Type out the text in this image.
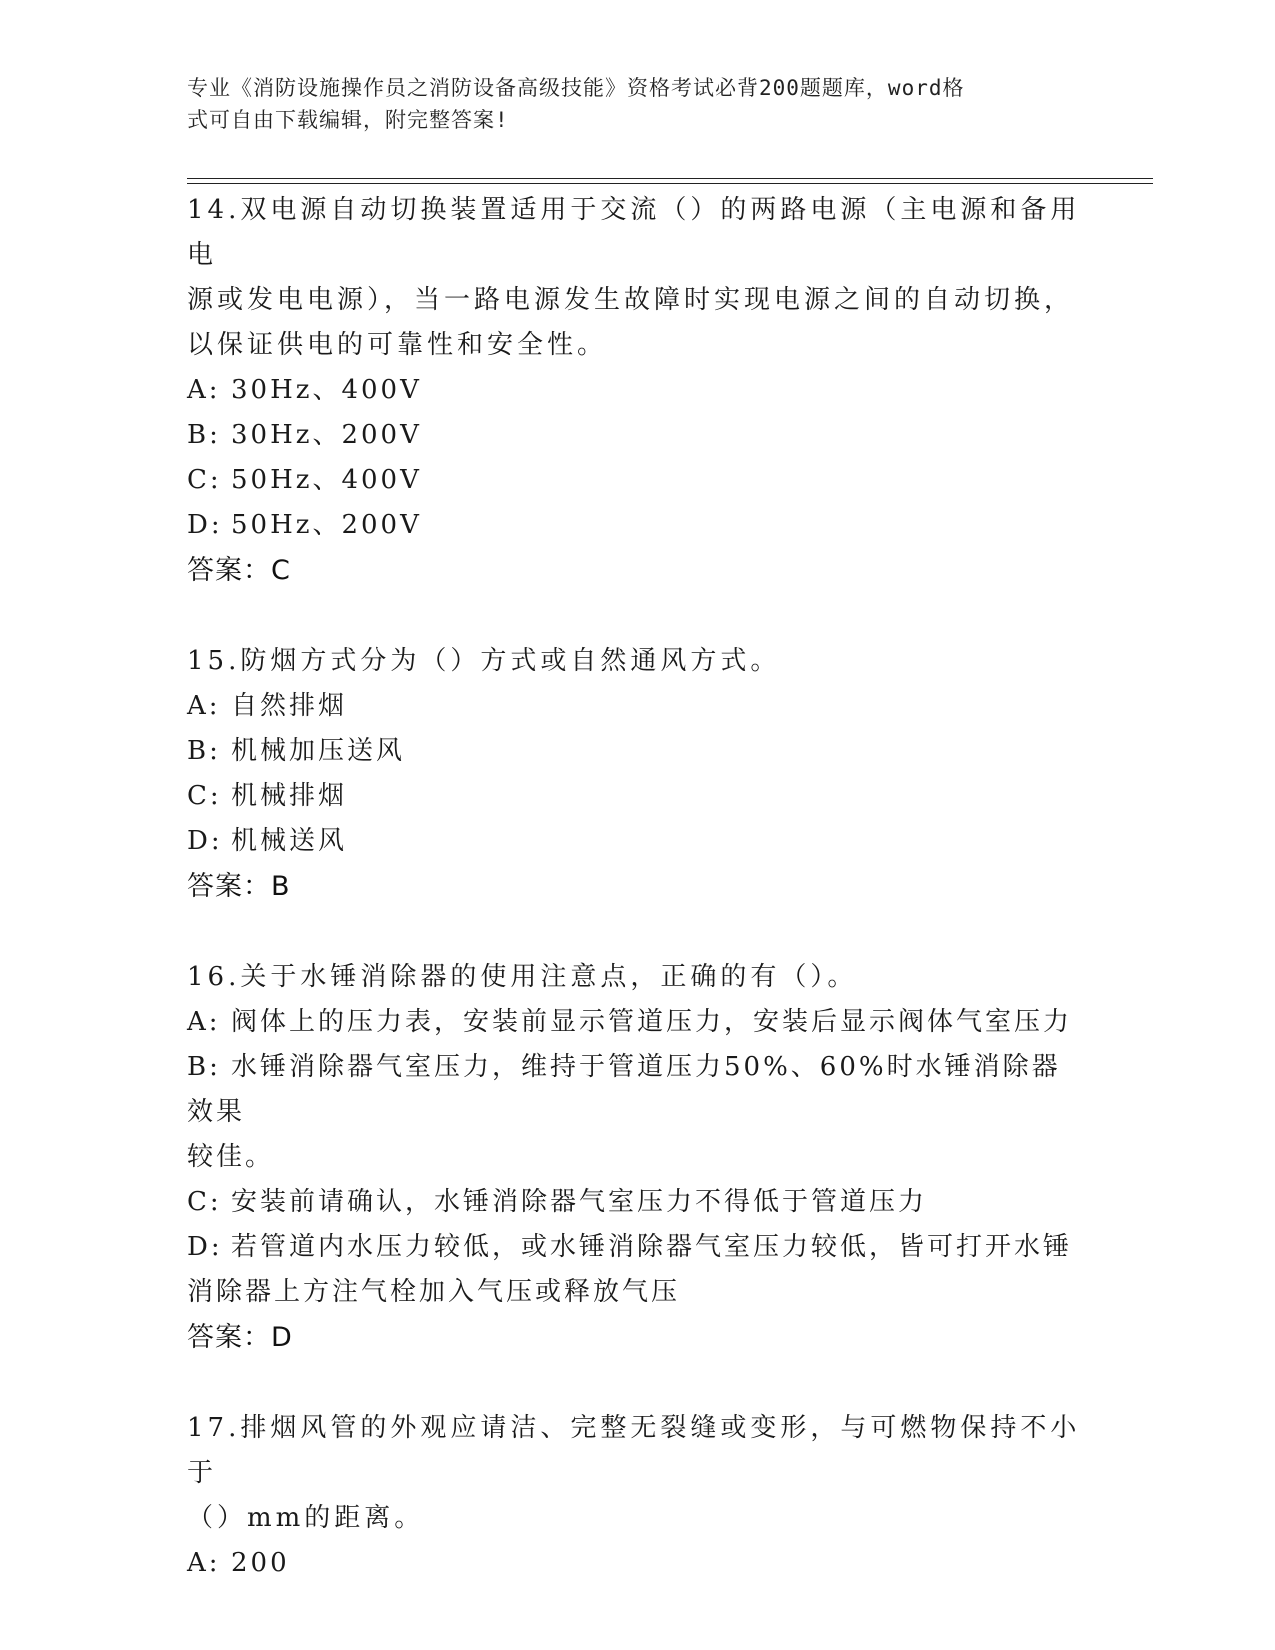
专业《消防设施操作员之消防设备高级技能》资格考试必背200题题库，word格
式可自由下载编辑，附完整答案!
14.双电源自动切换装置适用于交流（）的两路电源（主电源和备用电
源或发电电源），当一路电源发生故障时实现电源之间的自动切换，
以保证供电的可靠性和安全性。
A: 30Hz、400V
B: 30Hz、200V
C: 50Hz、400V
D: 50Hz、200V
答案：C
15.防烟方式分为（）方式或自然通风方式。
A: 自然排烟
B: 机械加压送风
C: 机械排烟
D: 机械送风
答案：B
16.关于水锤消除器的使用注意点，正确的有（）。
A: 阀体上的压力表，安装前显示管道压力，安装后显示阀体气室压力
B: 水锤消除器气室压力，维持于管道压力50%、60%时水锤消除器效果
较佳。
C: 安装前请确认，水锤消除器气室压力不得低于管道压力
D: 若管道内水压力较低，或水锤消除器气室压力较低，皆可打开水锤
消除器上方注气栓加入气压或释放气压
答案：D
17.排烟风管的外观应请洁、完整无裂缝或变形，与可燃物保持不小于
（）mm的距离。
A: 200
